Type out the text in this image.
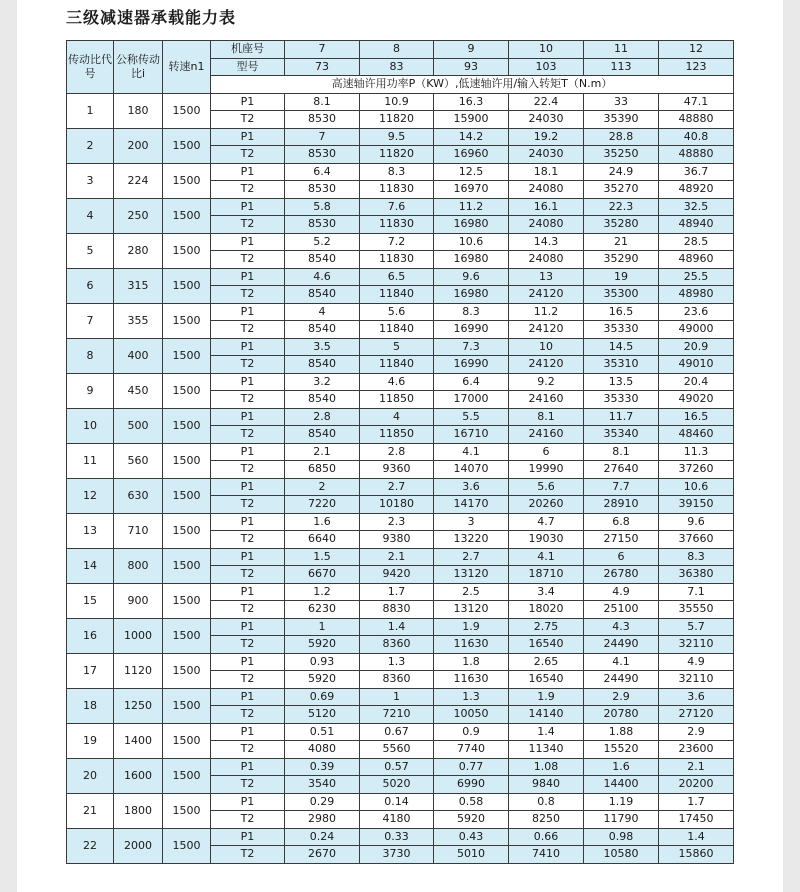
三级减速器承载能力表
传动比代号	公称传动比i	转速n1	机座号	7	8	9	10	11	12
			型号	73	83	93	103	113	123
			高速轴许用功率P（KW）,低速轴许用/输入转矩T（N.m）						
1	180	1500	P1	8.1	10.9	16.3	22.4	33	47.1
			T2	8530	11820	15900	24030	35390	48880
2	200	1500	P1	7	9.5	14.2	19.2	28.8	40.8
			T2	8530	11820	16960	24030	35250	48880
3	224	1500	P1	6.4	8.3	12.5	18.1	24.9	36.7
			T2	8530	11830	16970	24080	35270	48920
4	250	1500	P1	5.8	7.6	11.2	16.1	22.3	32.5
			T2	8530	11830	16980	24080	35280	48940
5	280	1500	P1	5.2	7.2	10.6	14.3	21	28.5
			T2	8540	11830	16980	24080	35290	48960
6	315	1500	P1	4.6	6.5	9.6	13	19	25.5
			T2	8540	11840	16980	24120	35300	48980
7	355	1500	P1	4	5.6	8.3	11.2	16.5	23.6
			T2	8540	11840	16990	24120	35330	49000
8	400	1500	P1	3.5	5	7.3	10	14.5	20.9
			T2	8540	11840	16990	24120	35310	49010
9	450	1500	P1	3.2	4.6	6.4	9.2	13.5	20.4
			T2	8540	11850	17000	24160	35330	49020
10	500	1500	P1	2.8	4	5.5	8.1	11.7	16.5
			T2	8540	11850	16710	24160	35340	48460
11	560	1500	P1	2.1	2.8	4.1	6	8.1	11.3
			T2	6850	9360	14070	19990	27640	37260
12	630	1500	P1	2	2.7	3.6	5.6	7.7	10.6
			T2	7220	10180	14170	20260	28910	39150
13	710	1500	P1	1.6	2.3	3	4.7	6.8	9.6
			T2	6640	9380	13220	19030	27150	37660
14	800	1500	P1	1.5	2.1	2.7	4.1	6	8.3
			T2	6670	9420	13120	18710	26780	36380
15	900	1500	P1	1.2	1.7	2.5	3.4	4.9	7.1
			T2	6230	8830	13120	18020	25100	35550
16	1000	1500	P1	1	1.4	1.9	2.75	4.3	5.7
			T2	5920	8360	11630	16540	24490	32110
17	1120	1500	P1	0.93	1.3	1.8	2.65	4.1	4.9
			T2	5920	8360	11630	16540	24490	32110
18	1250	1500	P1	0.69	1	1.3	1.9	2.9	3.6
			T2	5120	7210	10050	14140	20780	27120
19	1400	1500	P1	0.51	0.67	0.9	1.4	1.88	2.9
			T2	4080	5560	7740	11340	15520	23600
20	1600	1500	P1	0.39	0.57	0.77	1.08	1.6	2.1
			T2	3540	5020	6990	9840	14400	20200
21	1800	1500	P1	0.29	0.14	0.58	0.8	1.19	1.7
			T2	2980	4180	5920	8250	11790	17450
22	2000	1500	P1	0.24	0.33	0.43	0.66	0.98	1.4
			T2	2670	3730	5010	7410	10580	15860
